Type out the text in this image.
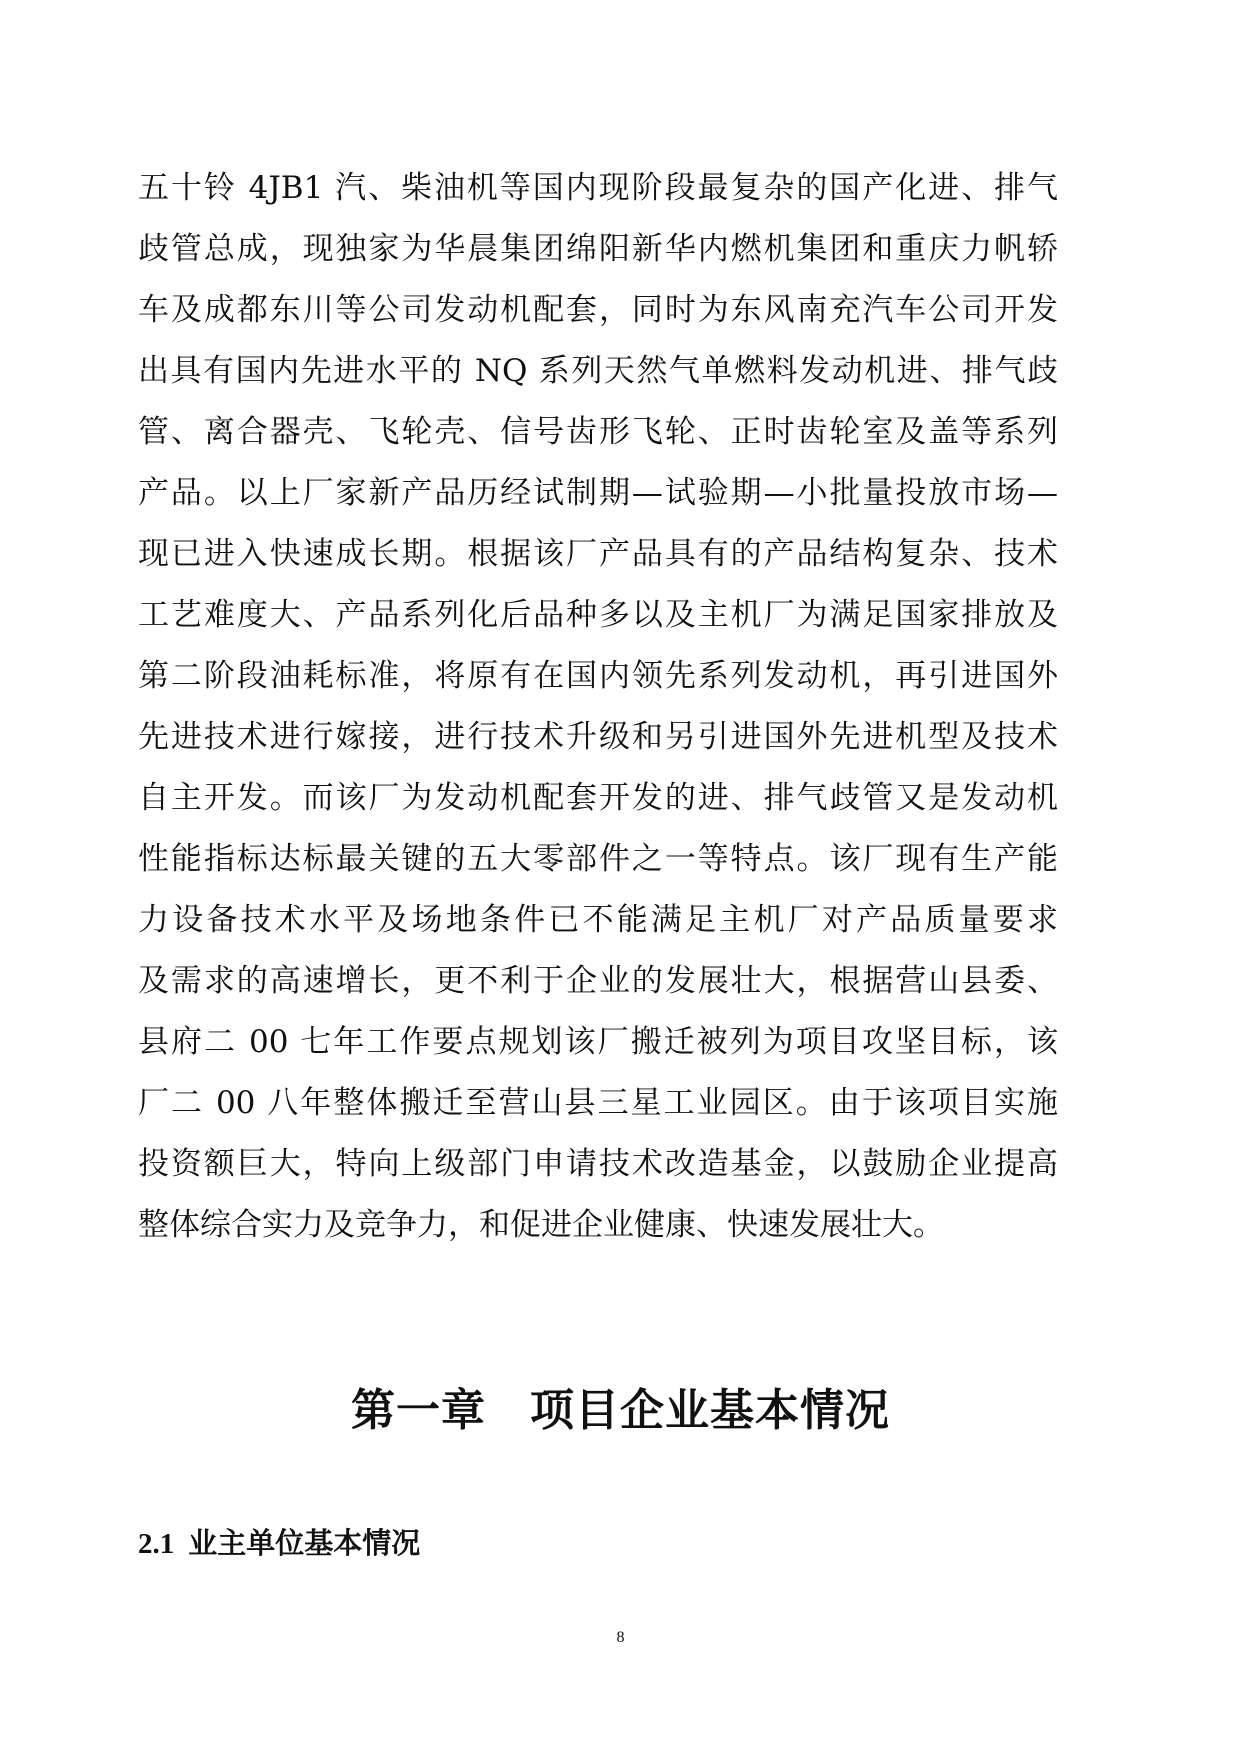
五十铃 4JB1 汽、柴油机等国内现阶段最复杂的国产化进、排气
歧管总成，现独家为华晨集团绵阳新华内燃机集团和重庆力帆轿
车及成都东川等公司发动机配套，同时为东风南充汽车公司开发
出具有国内先进水平的 NQ 系列天然气单燃料发动机进、排气歧
管、离合器壳、飞轮壳、信号齿形飞轮、正时齿轮室及盖等系列
产品。以上厂家新产品历经试制期—试验期—小批量投放市场—
现已进入快速成长期。根据该厂产品具有的产品结构复杂、技术
工艺难度大、产品系列化后品种多以及主机厂为满足国家排放及
第二阶段油耗标准，将原有在国内领先系列发动机，再引进国外
先进技术进行嫁接，进行技术升级和另引进国外先进机型及技术
自主开发。而该厂为发动机配套开发的进、排气歧管又是发动机
性能指标达标最关键的五大零部件之一等特点。该厂现有生产能
力设备技术水平及场地条件已不能满足主机厂对产品质量要求
及需求的高速增长，更不利于企业的发展壮大，根据营山县委、
县府二 00 七年工作要点规划该厂搬迁被列为项目攻坚目标，该
厂二 00 八年整体搬迁至营山县三星工业园区。由于该项目实施
投资额巨大，特向上级部门申请技术改造基金，以鼓励企业提高
整体综合实力及竞争力，和促进企业健康、快速发展壮大。
第一章 项目企业基本情况
2.1 业主单位基本情况
8
